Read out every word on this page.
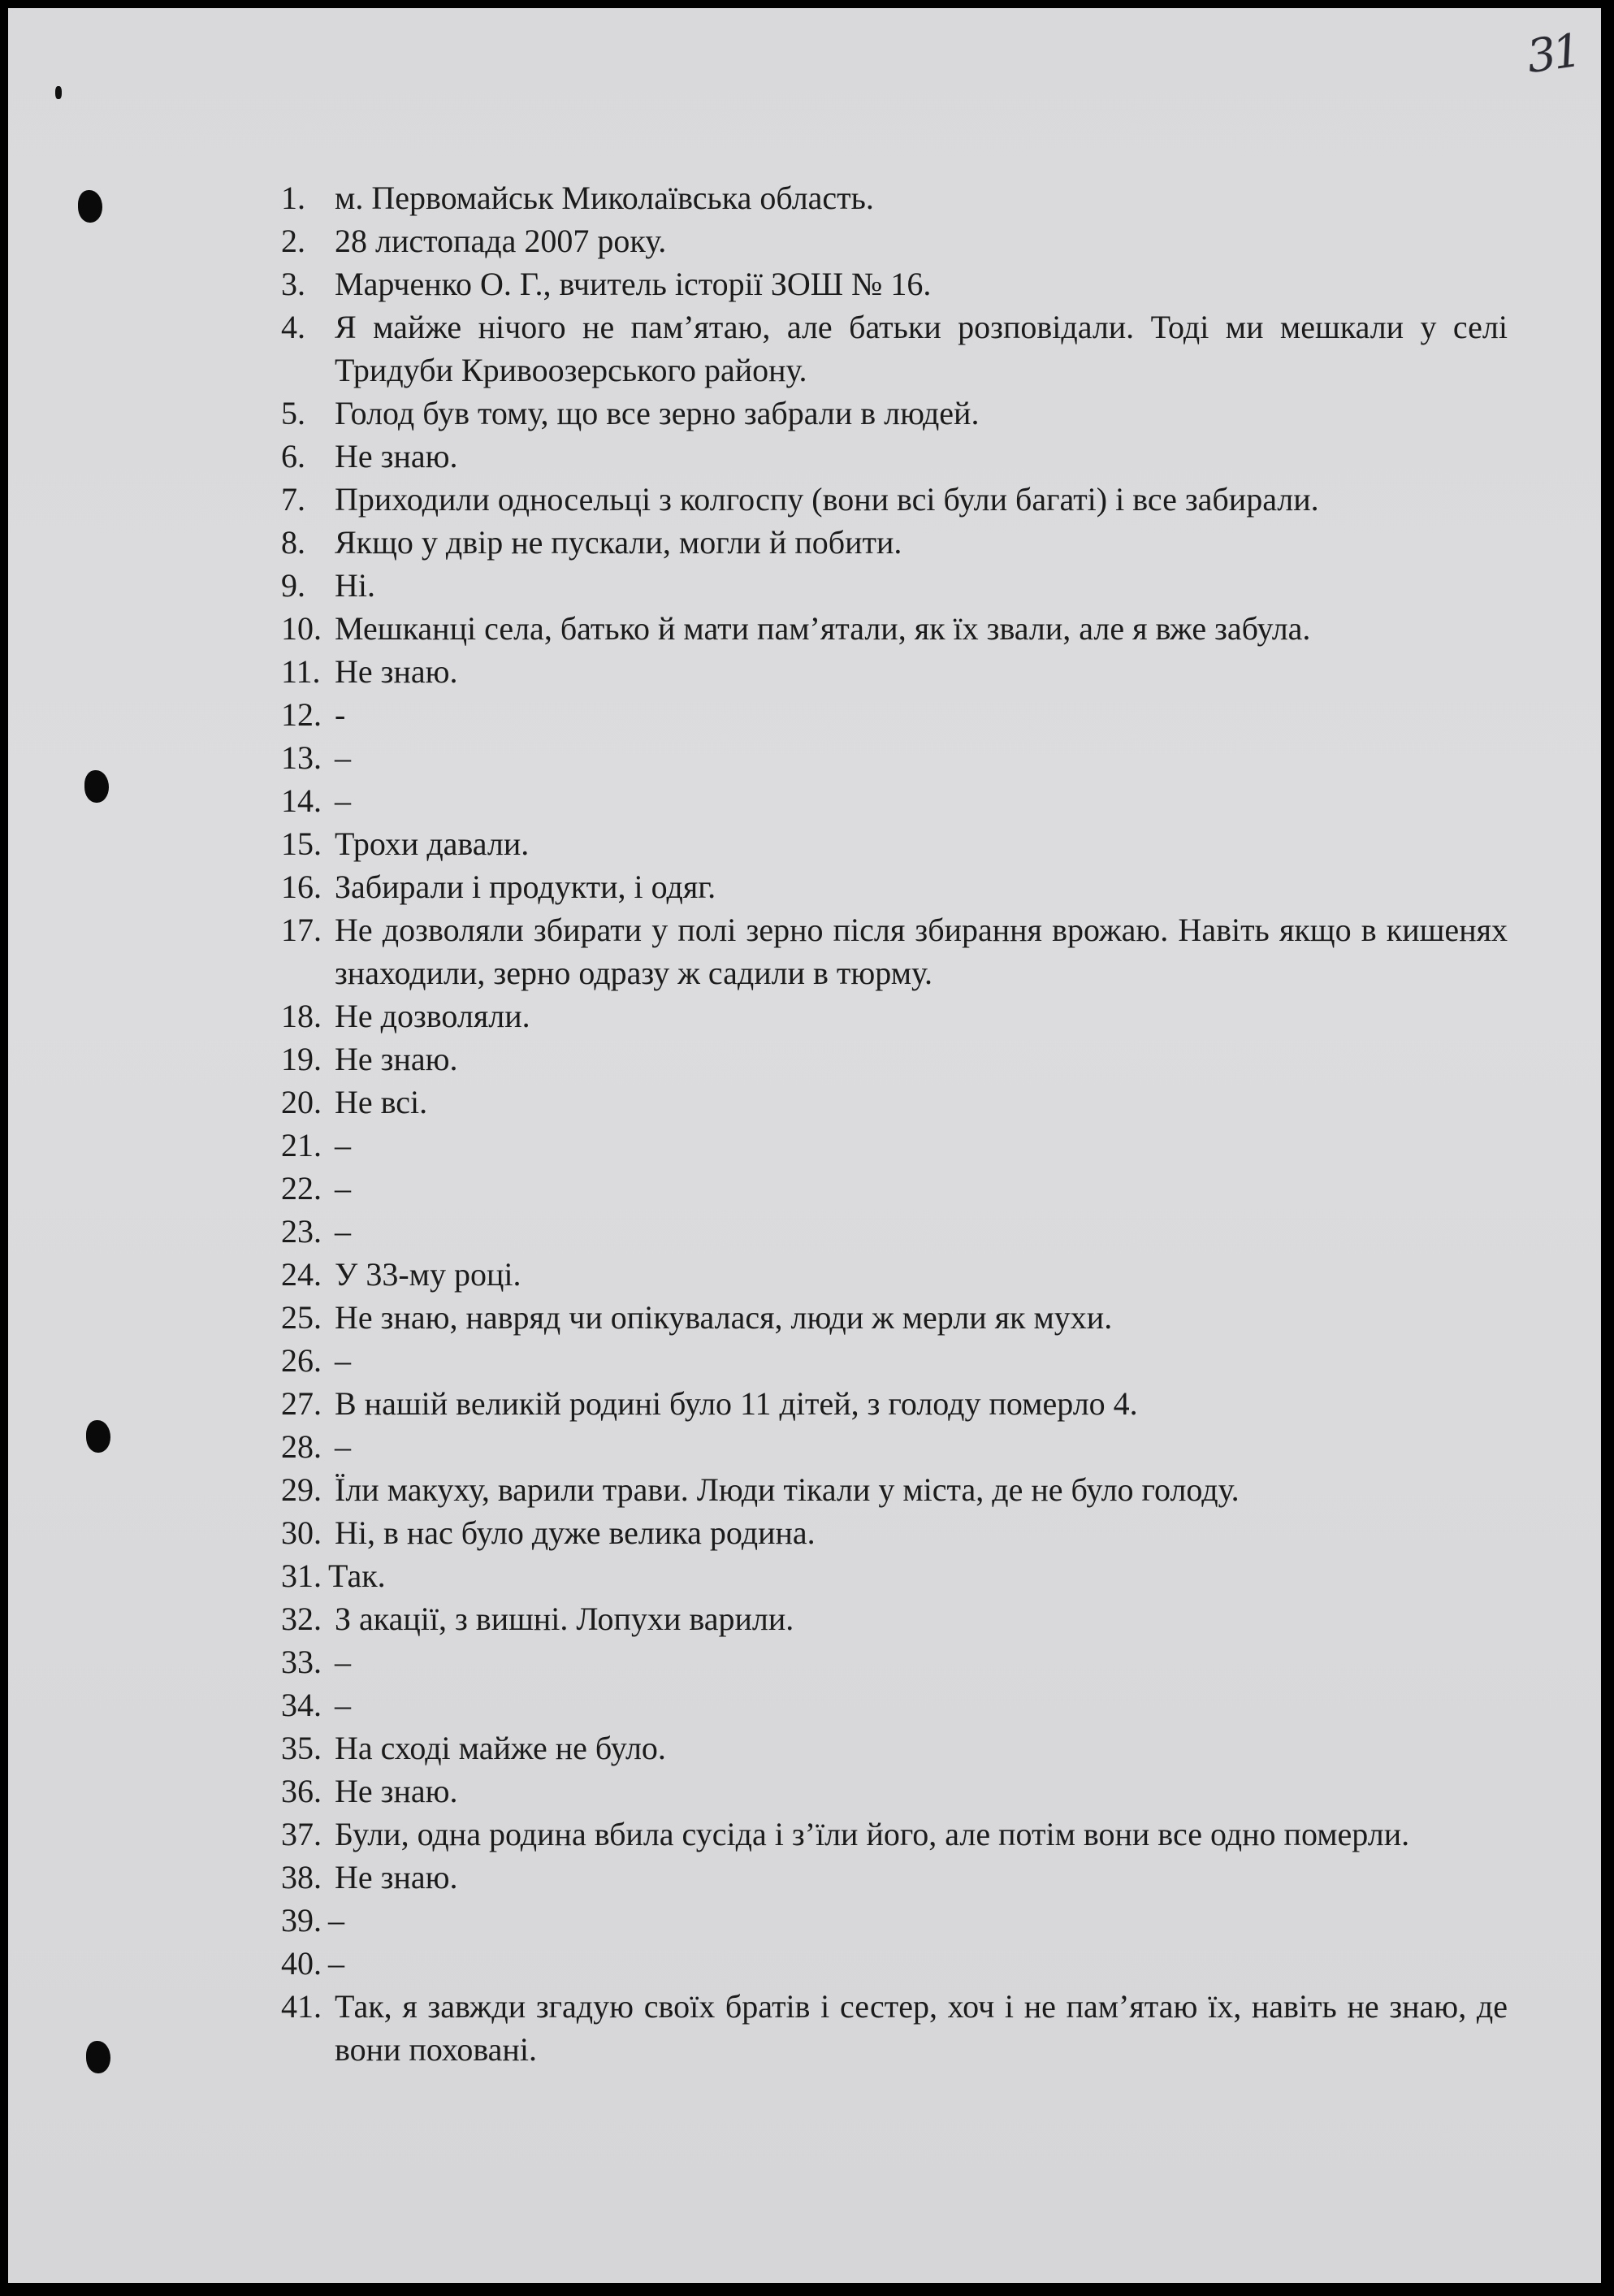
31
1. м. Первомайськ Миколаївська область.
2. 28 листопада 2007 року.
3. Марченко О. Г., вчитель історії ЗОШ № 16.
4. Я майже нічого не пам’ятаю, але батьки розповідали. Тоді ми мешкали у селі Тридуби Кривоозерського району.
5. Голод був тому, що все зерно забрали в людей.
6. Не знаю.
7. Приходили односельці з колгоспу (вони всі були багаті) і все забирали.
8. Якщо у двір не пускали, могли й побити.
9. Ні.
10. Мешканці села, батько й мати пам’ятали, як їх звали, але я вже забула.
11. Не знаю.
12. -
13. –
14. –
15. Трохи давали.
16. Забирали і продукти, і одяг.
17. Не дозволяли збирати у полі зерно після збирання врожаю. Навіть якщо в кишенях знаходили, зерно одразу ж садили в тюрму.
18. Не дозволяли.
19. Не знаю.
20. Не всі.
21. –
22. –
23. –
24. У 33-му році.
25. Не знаю, навряд чи опікувалася, люди ж мерли як мухи.
26. –
27. В нашій великій родині було 11 дітей, з голоду померло 4.
28. –
29. Їли макуху, варили трави. Люди тікали у міста, де не було голоду.
30. Ні, в нас було дуже велика родина.
31. Так.
32. З акації, з вишні. Лопухи варили.
33. –
34. –
35. На сході майже не було.
36. Не знаю.
37. Були, одна родина вбила сусіда і з’їли його, але потім вони все одно померли.
38. Не знаю.
39. –
40. –
41. Так, я завжди згадую своїх братів і сестер, хоч і не пам’ятаю їх, навіть не знаю, де вони поховані.
